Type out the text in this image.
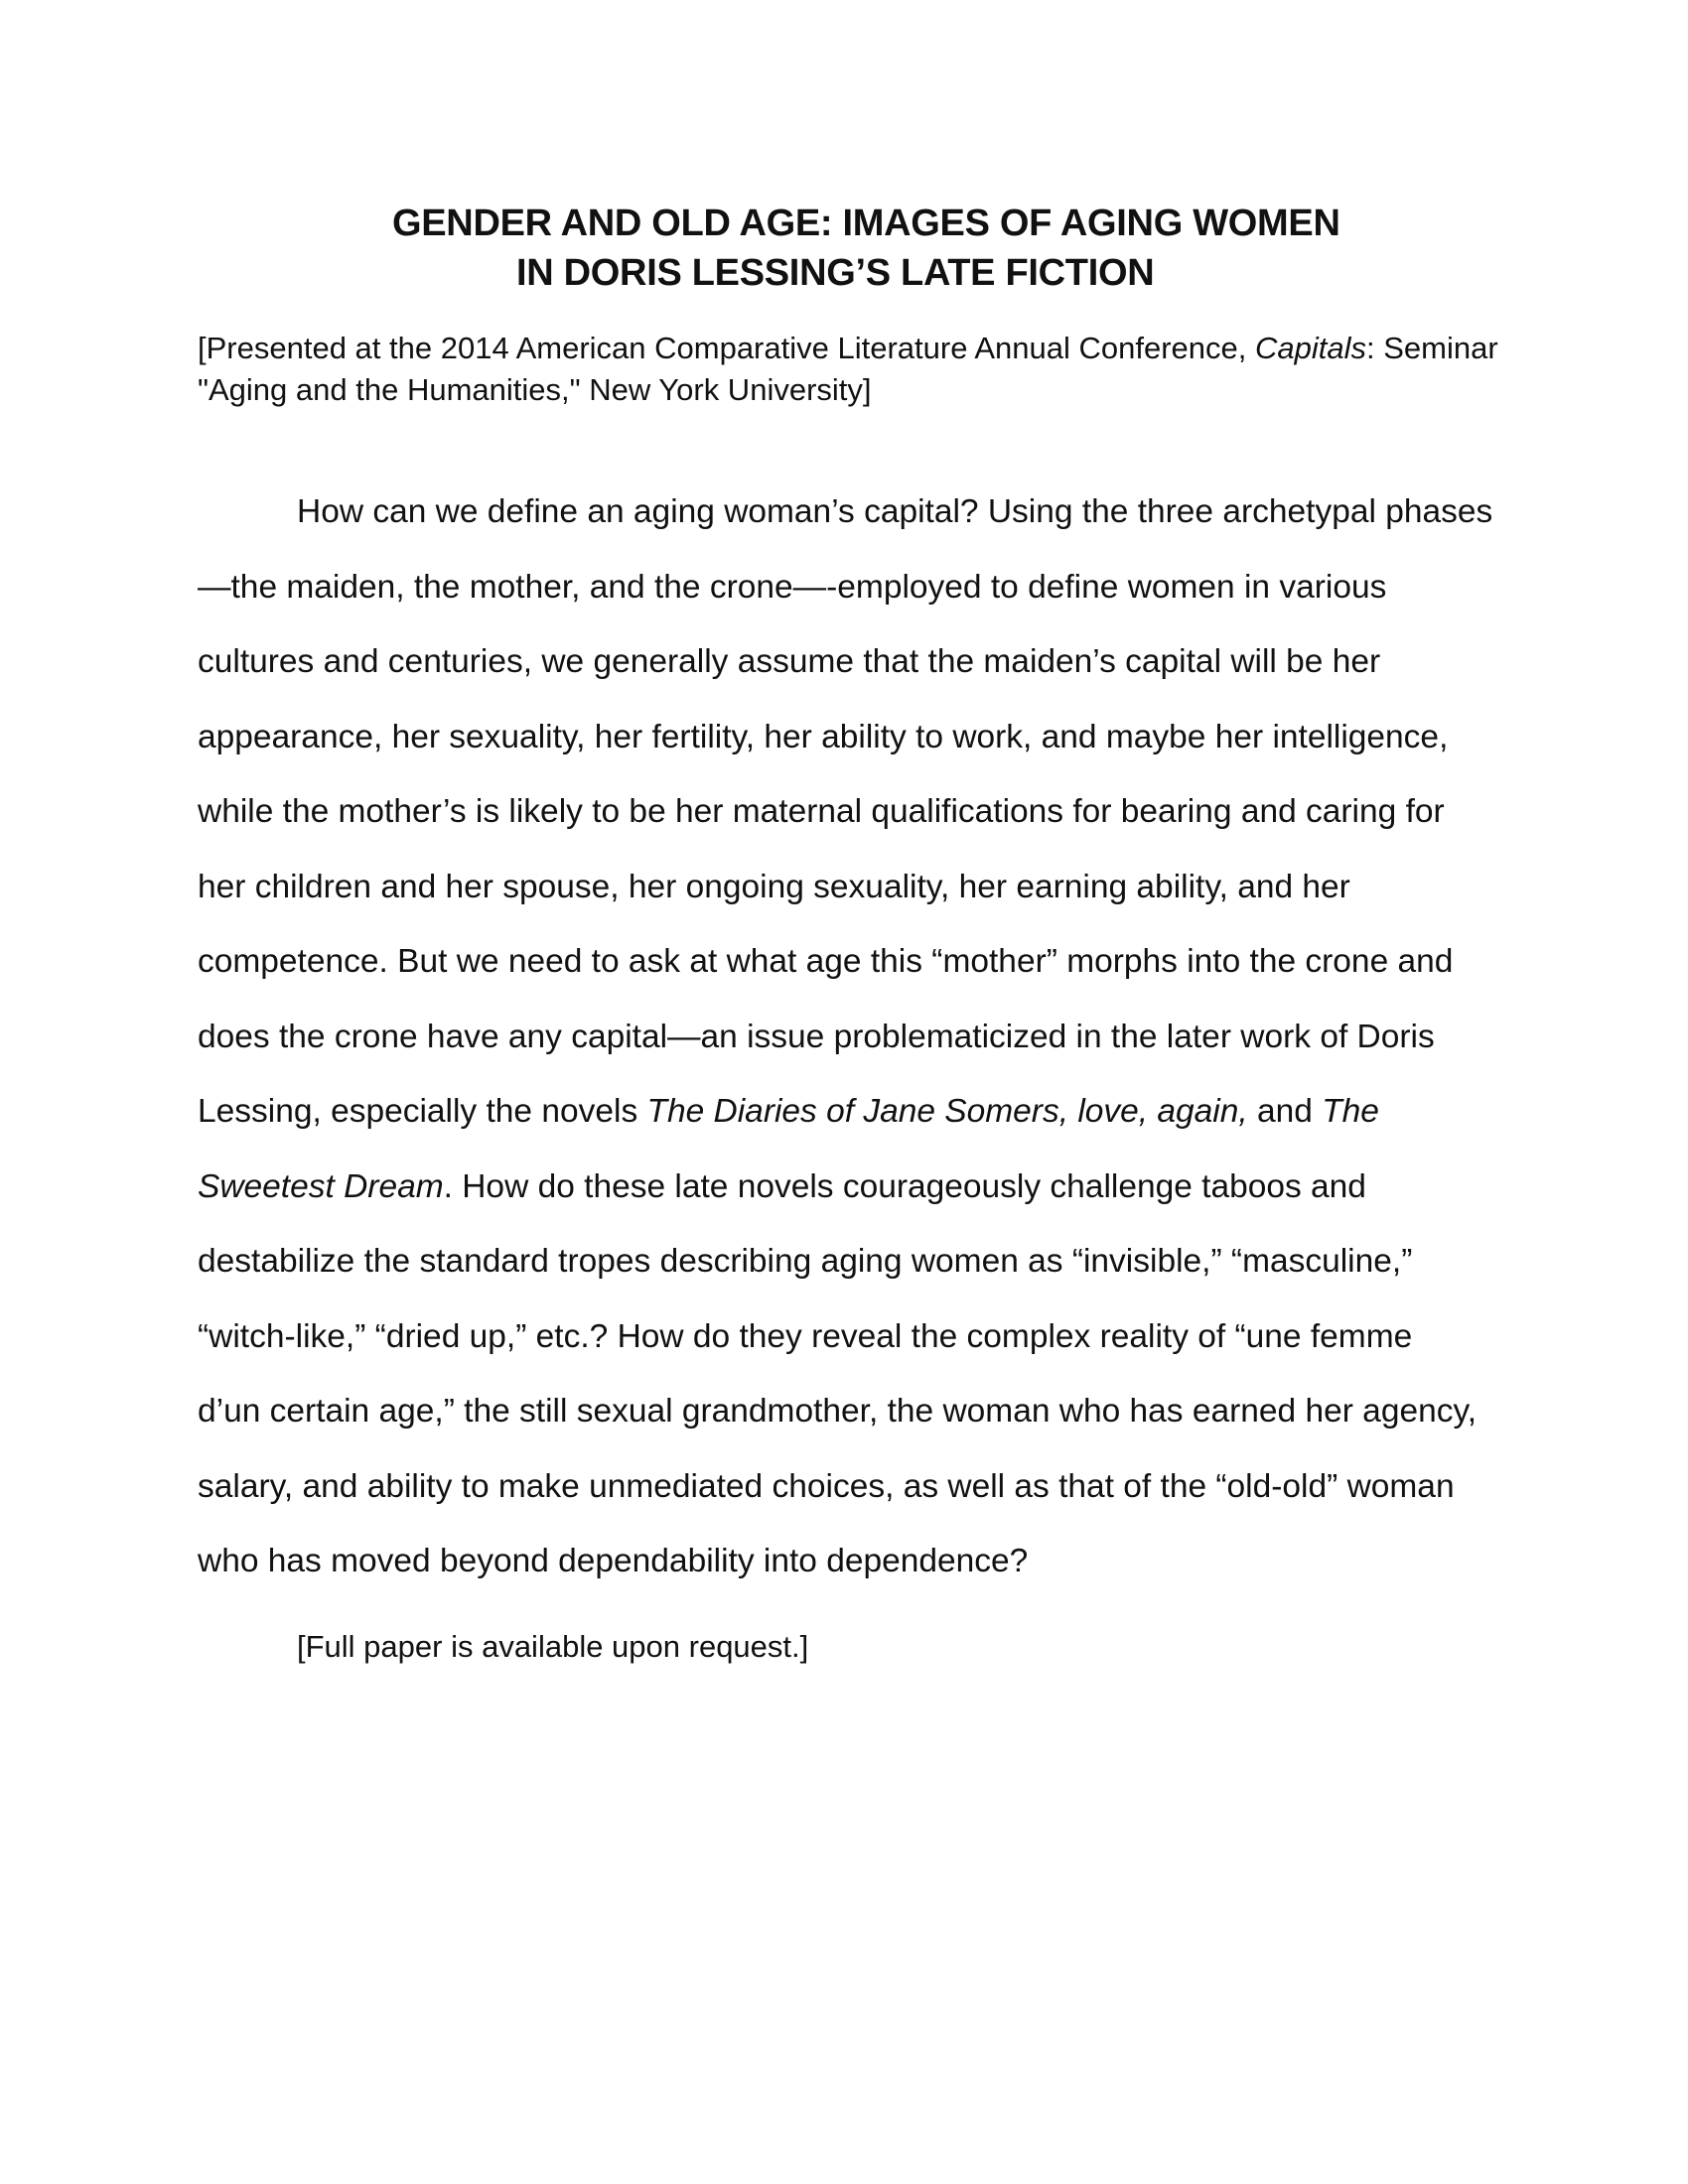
GENDER AND OLD AGE: IMAGES OF AGING WOMEN
IN DORIS LESSING’S LATE FICTION

[Presented at the 2014 American Comparative Literature Annual Conference, Capitals: Seminar
"Aging and the Humanities," New York University]

How can we define an aging woman’s capital? Using the three archetypal phases
—the maiden, the mother, and the crone—-employed to define women in various
cultures and centuries, we generally assume that the maiden’s capital will be her
appearance, her sexuality, her fertility, her ability to work, and maybe her intelligence,
while the mother’s is likely to be her maternal qualifications for bearing and caring for
her children and her spouse, her ongoing sexuality, her earning ability, and her
competence. But we need to ask at what age this “mother” morphs into the crone and
does the crone have any capital—an issue problematicized in the later work of Doris
Lessing, especially the novels The Diaries of Jane Somers, love, again, and The
Sweetest Dream. How do these late novels courageously challenge taboos and
destabilize the standard tropes describing aging women as “invisible,” “masculine,”
“witch-like,” “dried up,” etc.? How do they reveal the complex reality of “une femme
d’un certain age,” the still sexual grandmother, the woman who has earned her agency,
salary, and ability to make unmediated choices, as well as that of the “old-old” woman
who has moved beyond dependability into dependence?

[Full paper is available upon request.]
